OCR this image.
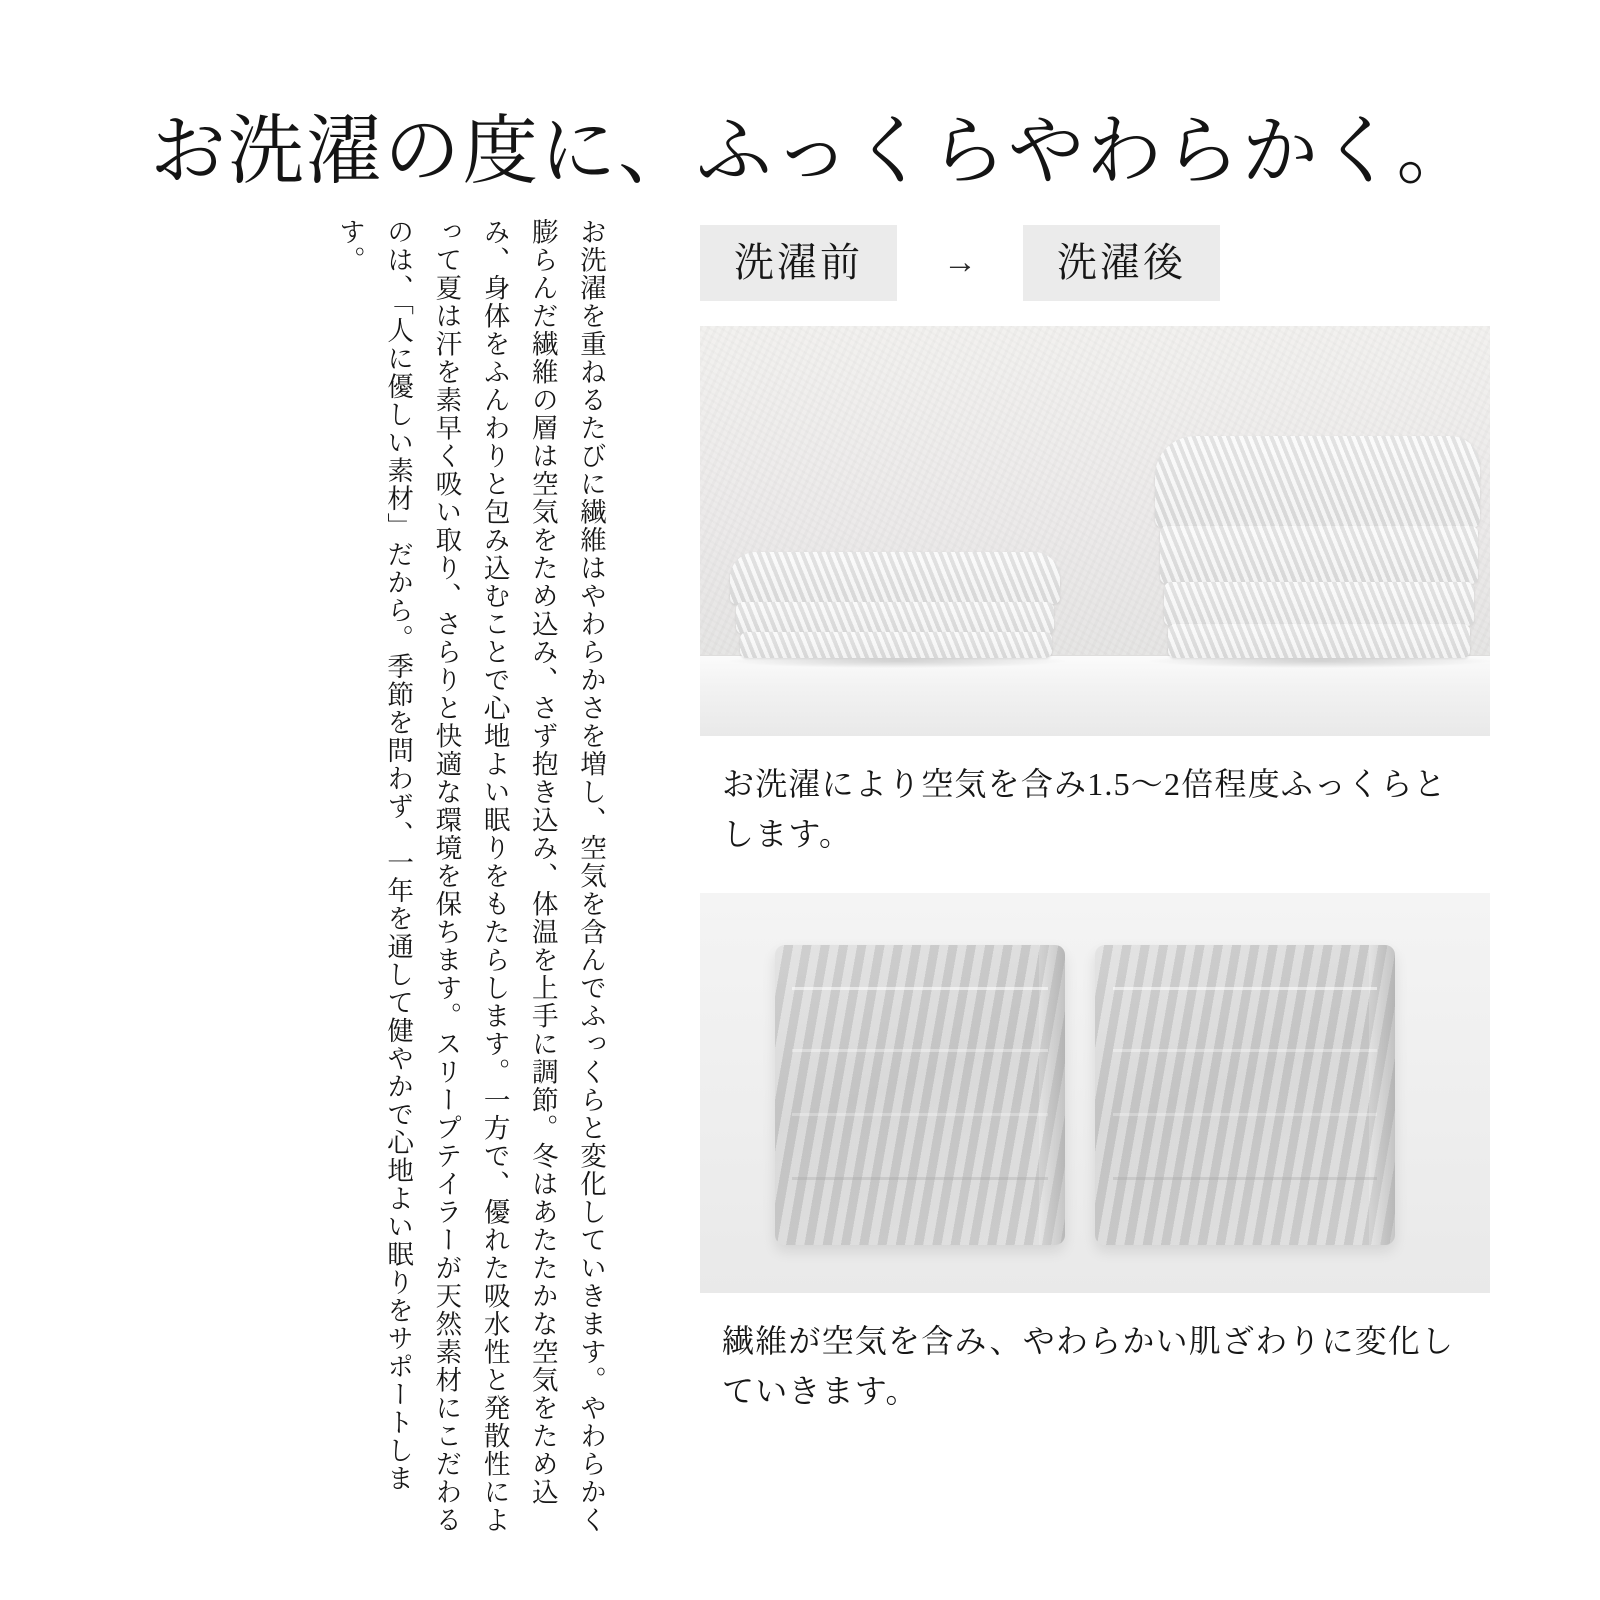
お洗濯の度に、ふっくらやわらかく。

お洗濯を重ねるたびに繊維はやわらかさを増し、空気を含んでふっくらと変化していきます。やわらかく膨らんだ繊維の層は空気をため込み、さず抱き込み、体温を上手に調節。冬はあたたかな空気をため込み、身体をふんわりと包み込むことで心地よい眠りをもたらします。一方で、優れた吸水性と発散性によって夏は汗を素早く吸い取り、さらりと快適な環境を保ちます。スリープテイラーが天然素材にこだわるのは、「人に優しい素材」だから。季節を問わず、一年を通して健やかで心地よい眠りをサポートします。	洗濯前	→	洗濯後

お洗濯により空気を含み1.5〜2倍程度ふっくらとします。

繊維が空気を含み、やわらかい肌ざわりに変化していきます。
